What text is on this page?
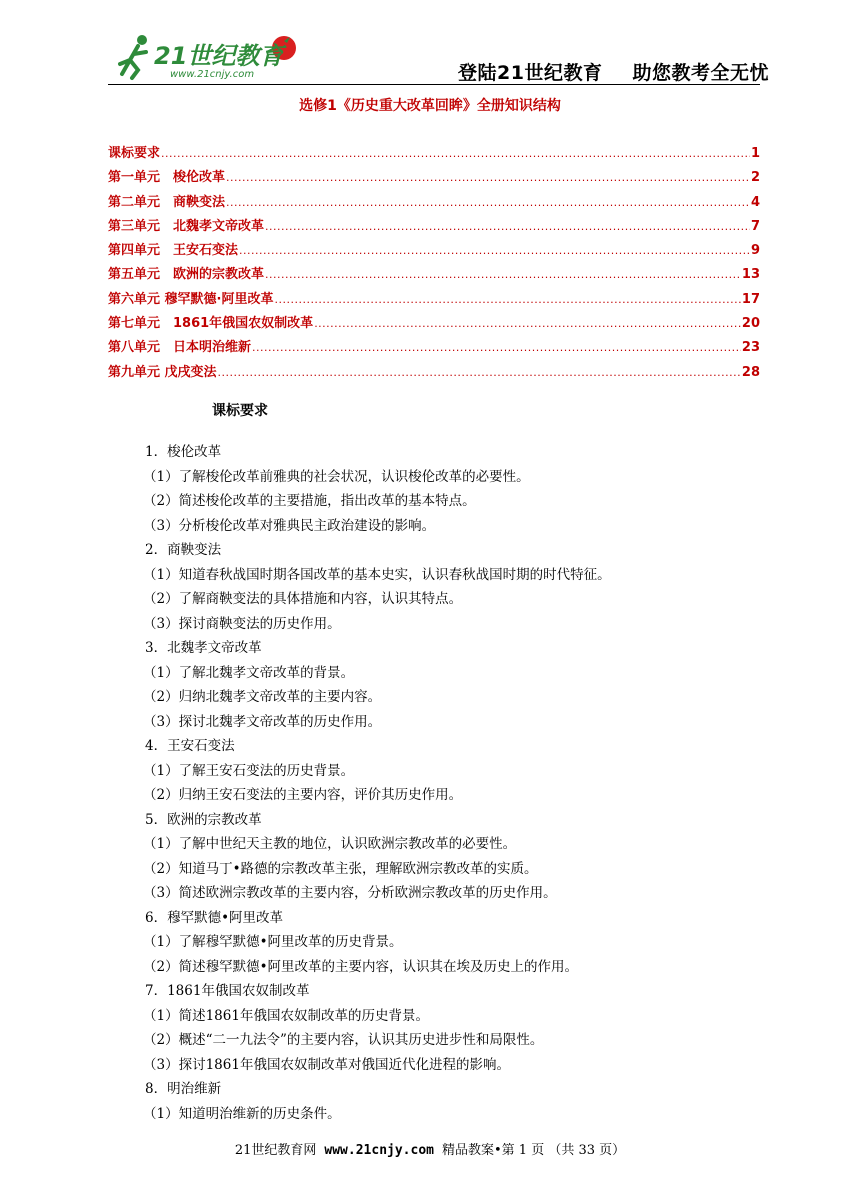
21世纪教育
www.21cnjy.com	登陆21世纪教育 助您教考全无忧
选修1《历史重大改革回眸》全册知识结构
课标要求 .....	1
第一单元　梭伦改革 .....	2
第二单元　商鞅变法 .....	4
第三单元　北魏孝文帝改革 .....	7
第四单元　王安石变法 .....	9
第五单元　欧洲的宗教改革 .....	13
第六单元 穆罕默德·阿里改革 .....	17
第七单元　1861年俄国农奴制改革 .....	20
第八单元　日本明治维新 .....	23
第九单元 戊戌变法 .....	28
课标要求
1．梭伦改革
（1）了解梭伦改革前雅典的社会状况，认识梭伦改革的必要性。
（2）简述梭伦改革的主要措施，指出改革的基本特点。
（3）分析梭伦改革对雅典民主政治建设的影响。
2．商鞅变法
（1）知道春秋战国时期各国改革的基本史实，认识春秋战国时期的时代特征。
（2）了解商鞅变法的具体措施和内容，认识其特点。
（3）探讨商鞅变法的历史作用。
3．北魏孝文帝改革
（1）了解北魏孝文帝改革的背景。
（2）归纳北魏孝文帝改革的主要内容。
（3）探讨北魏孝文帝改革的历史作用。
4．王安石变法
（1）了解王安石变法的历史背景。
（2）归纳王安石变法的主要内容，评价其历史作用。
5．欧洲的宗教改革
（1）了解中世纪天主教的地位，认识欧洲宗教改革的必要性。
（2）知道马丁•路德的宗教改革主张，理解欧洲宗教改革的实质。
（3）简述欧洲宗教改革的主要内容，分析欧洲宗教改革的历史作用。
6．穆罕默德•阿里改革
（1）了解穆罕默德•阿里改革的历史背景。
（2）简述穆罕默德•阿里改革的主要内容，认识其在埃及历史上的作用。
7．1861年俄国农奴制改革
（1）简述1861年俄国农奴制改革的历史背景。
（2）概述“二一九法令”的主要内容，认识其历史进步性和局限性。
（3）探讨1861年俄国农奴制改革对俄国近代化进程的影响。
8．明治维新
（1）知道明治维新的历史条件。
21世纪教育网 www.21cnjy.com 精品教案•第 1 页 （共 33 页）
